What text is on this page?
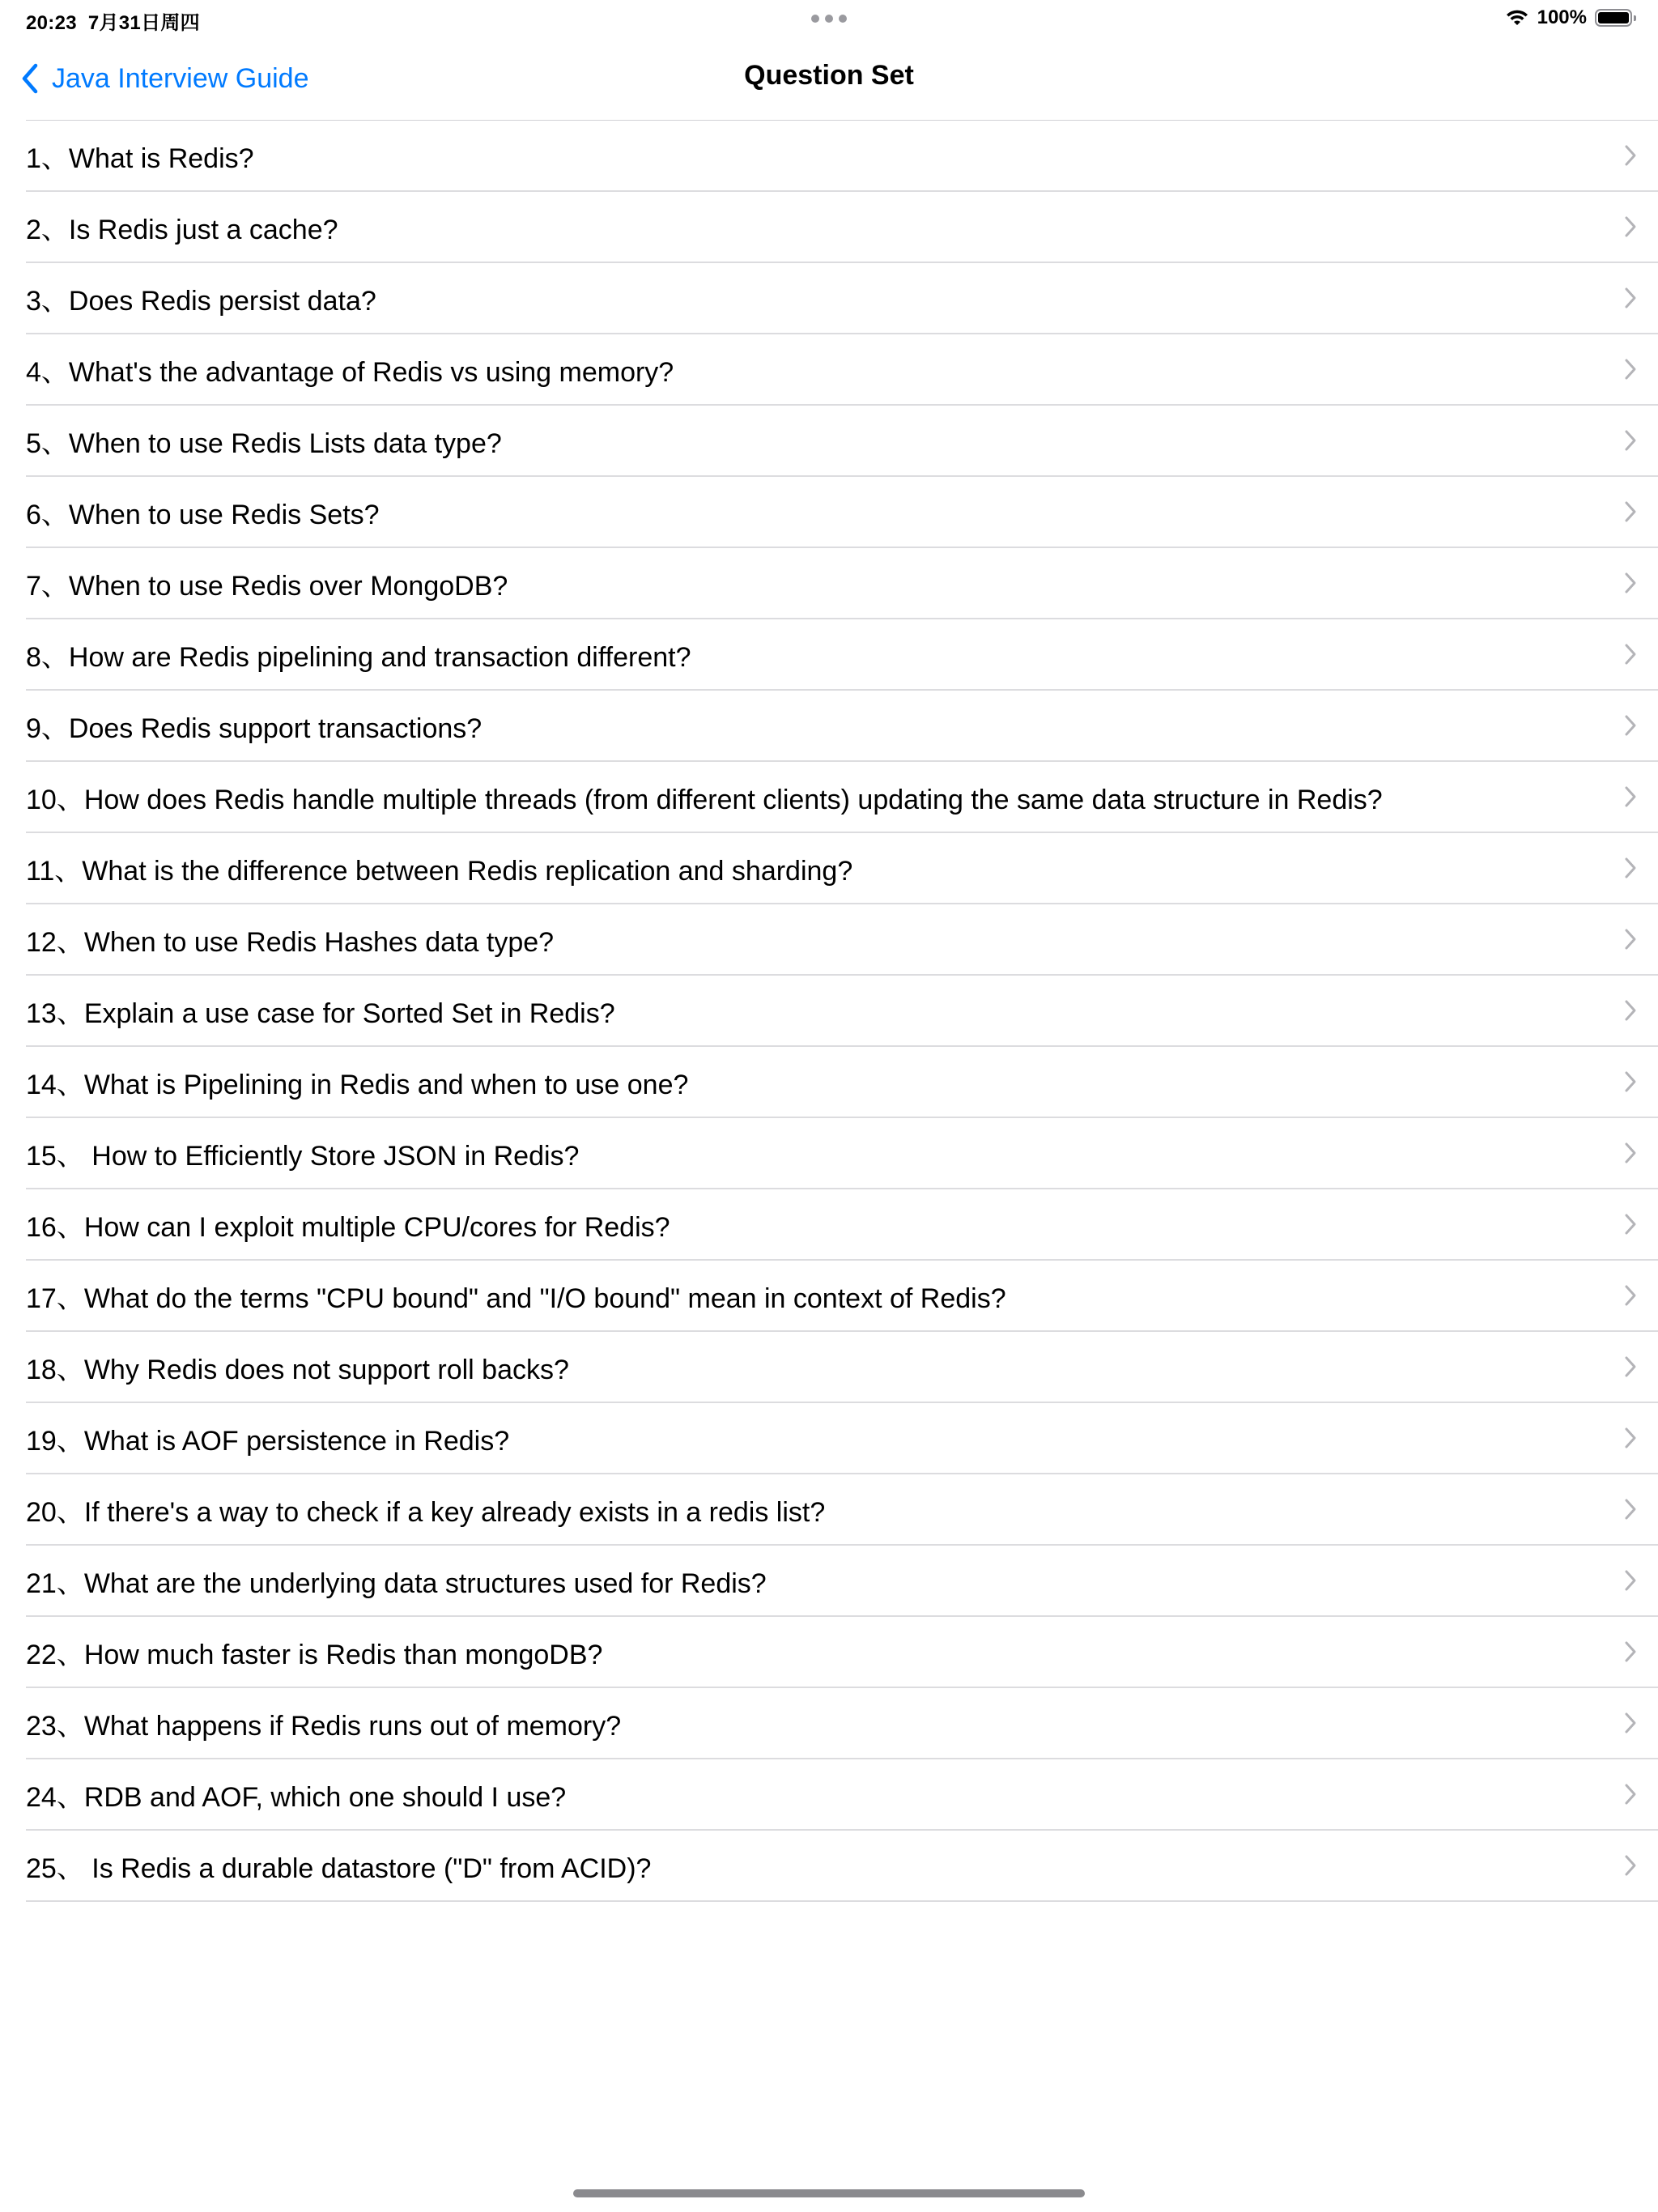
20:23 7月31日周四	100%
Java Interview Guide	Question Set
1、What is Redis?
2、Is Redis just a cache?
3、Does Redis persist data?
4、What's the advantage of Redis vs using memory?
5、When to use Redis Lists data type?
6、When to use Redis Sets?
7、When to use Redis over MongoDB?
8、How are Redis pipelining and transaction different?
9、Does Redis support transactions?
10、How does Redis handle multiple threads (from different clients) updating the same data structure in Redis?
11、What is the difference between Redis replication and sharding?
12、When to use Redis Hashes data type?
13、Explain a use case for Sorted Set in Redis?
14、What is Pipelining in Redis and when to use one?
15、 How to Efficiently Store JSON in Redis?
16、How can I exploit multiple CPU/cores for Redis?
17、What do the terms "CPU bound" and "I/O bound" mean in context of Redis?
18、Why Redis does not support roll backs?
19、What is AOF persistence in Redis?
20、If there's a way to check if a key already exists in a redis list?
21、What are the underlying data structures used for Redis?
22、How much faster is Redis than mongoDB?
23、What happens if Redis runs out of memory?
24、RDB and AOF, which one should I use?
25、 Is Redis a durable datastore ("D" from ACID)?
